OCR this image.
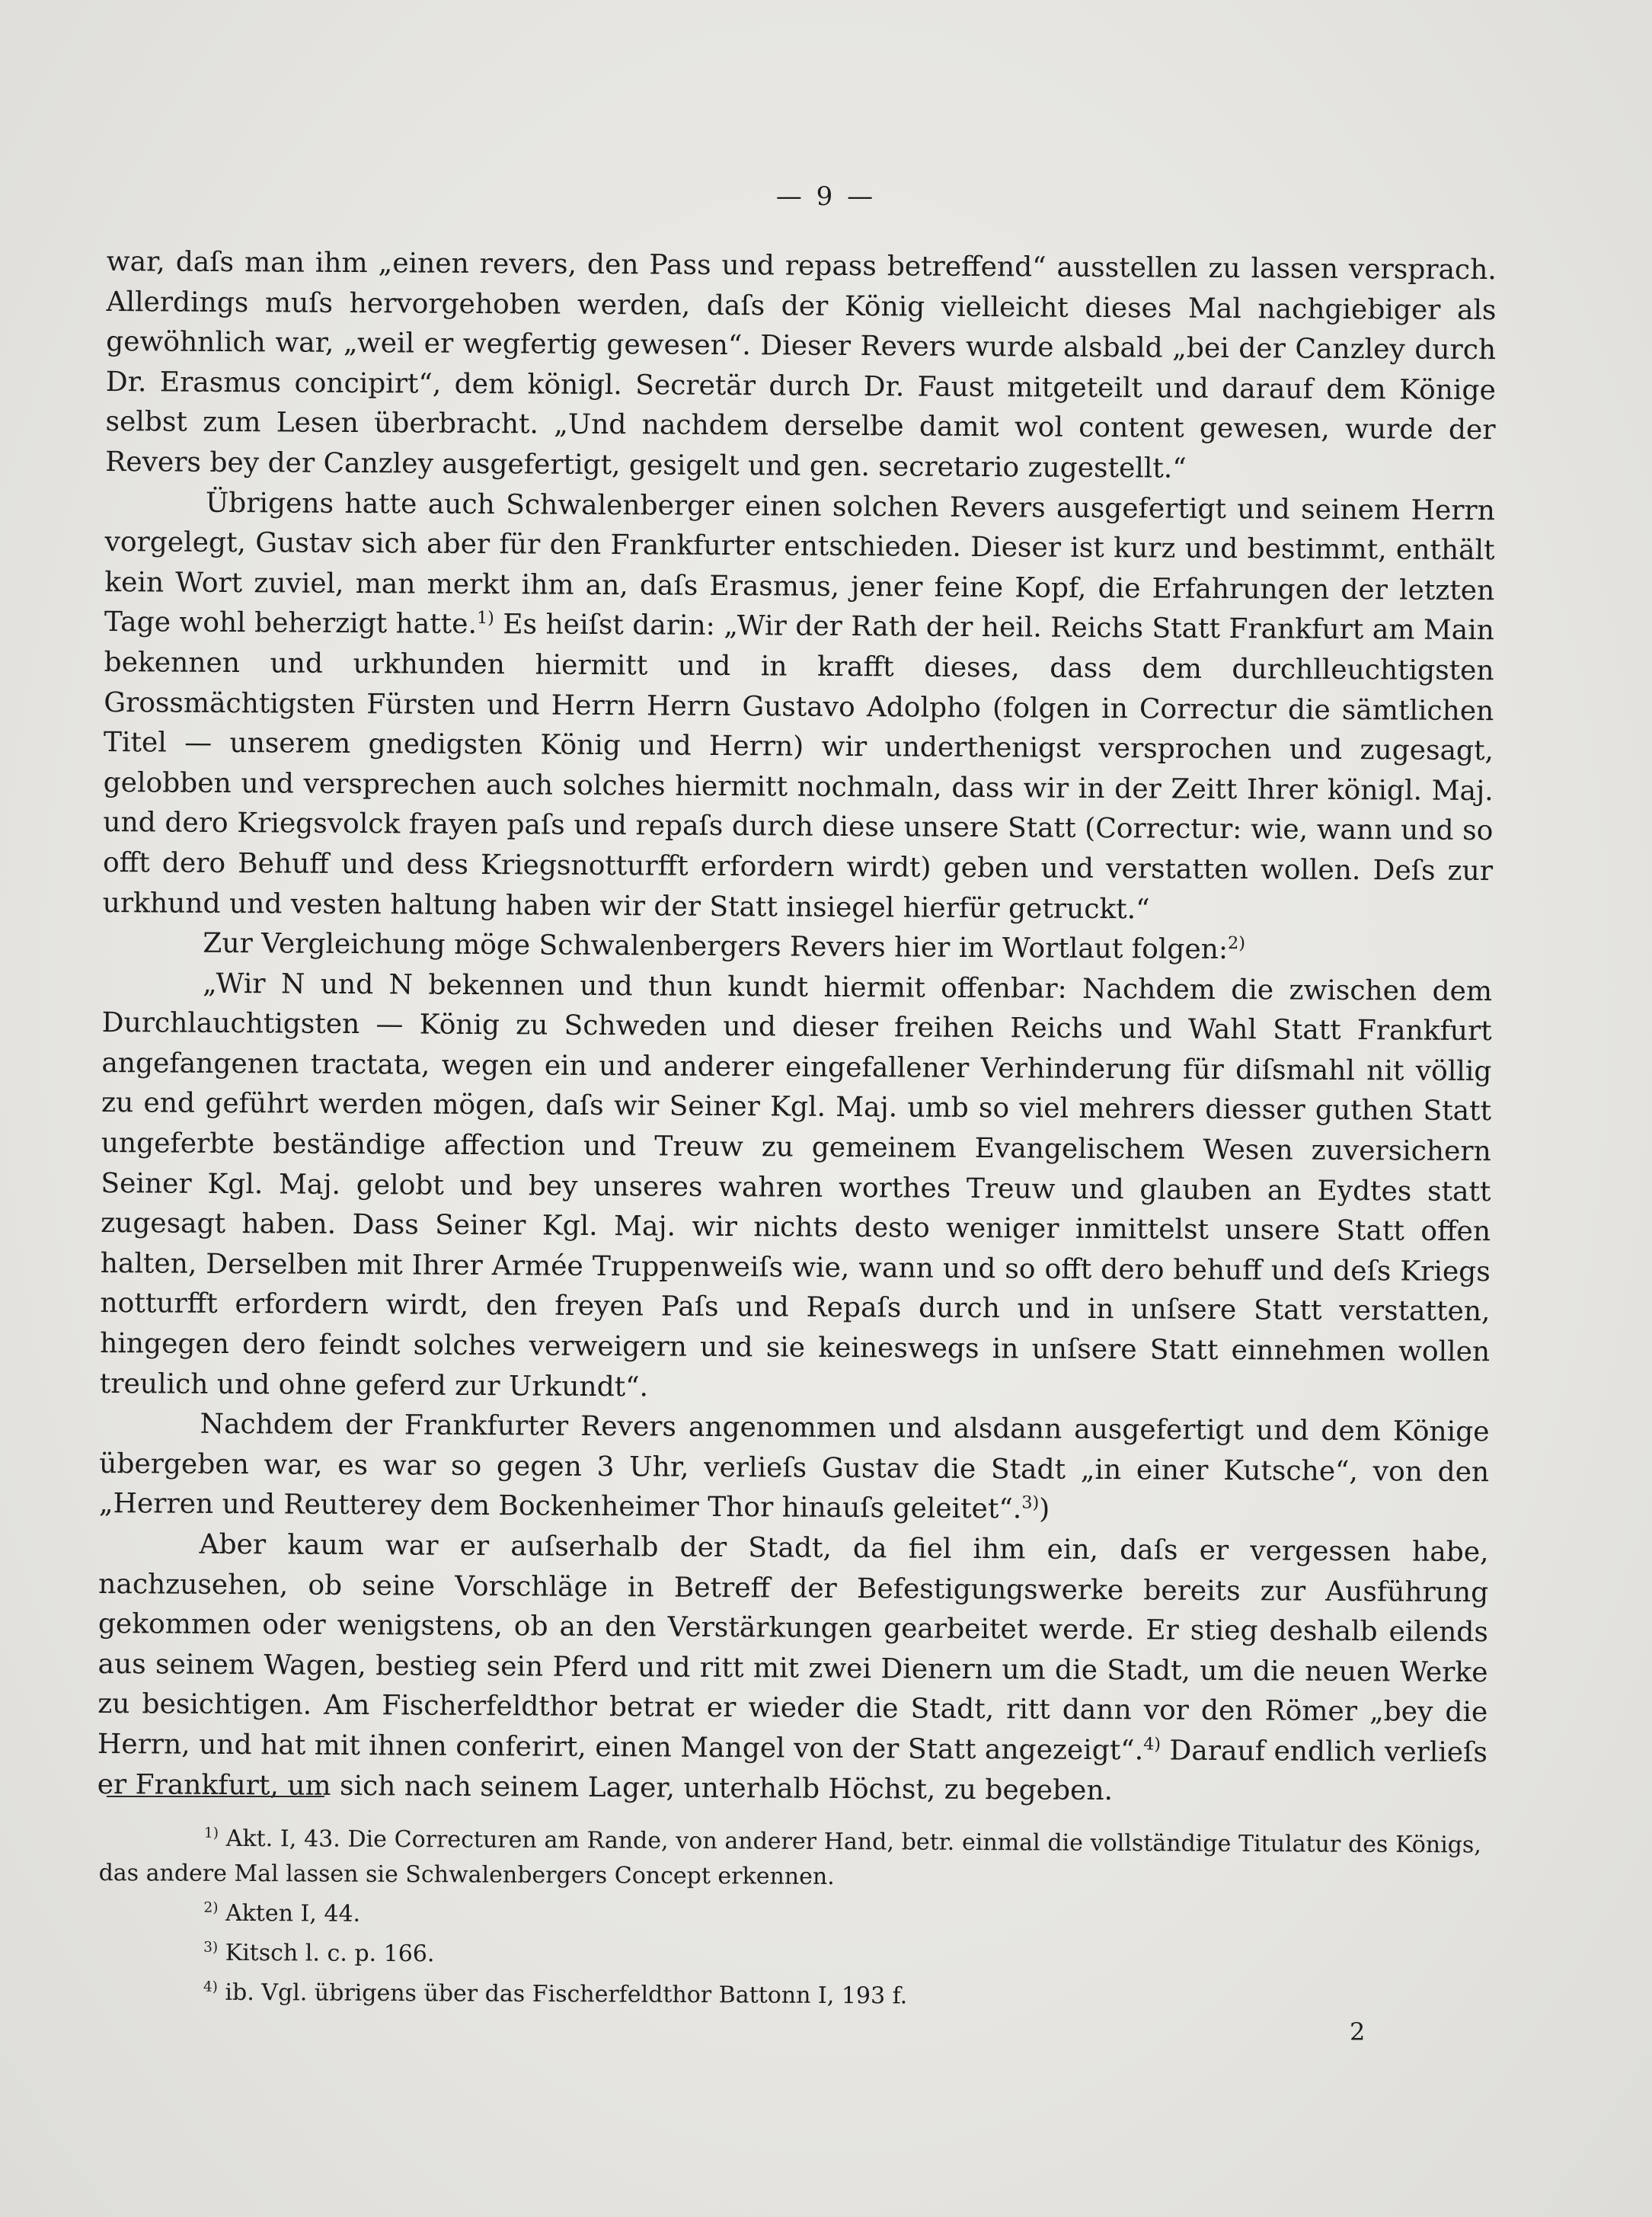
— 9 —

war, daſs man ihm „einen revers, den Pass und repass betreffend“ ausstellen zu lassen versprach. Allerdings muſs hervorgehoben werden, daſs der König vielleicht dieses Mal nachgiebiger als gewöhnlich war, „weil er wegfertig gewesen“. Dieser Revers wurde alsbald „bei der Canzley durch Dr. Erasmus concipirt“, dem königl. Secretär durch Dr. Faust mitgeteilt und darauf dem Könige selbst zum Lesen überbracht. „Und nachdem derselbe damit wol content gewesen, wurde der Revers bey der Canzley ausgefertigt, gesigelt und gen. secretario zugestellt.“

Übrigens hatte auch Schwalenberger einen solchen Revers ausgefertigt und seinem Herrn vorgelegt, Gustav sich aber für den Frankfurter entschieden. Dieser ist kurz und bestimmt, enthält kein Wort zuviel, man merkt ihm an, daſs Erasmus, jener feine Kopf, die Erfahrungen der letzten Tage wohl beherzigt hatte.$^{1)}$ Es heiſst darin: „Wir der Rath der heil. Reichs Statt Frankfurt am Main bekennen und urkhunden hiermitt und in krafft dieses, dass dem durchlleuchtigsten Grossmächtigsten Fürsten und Herrn Herrn Gustavo Adolpho (folgen in Correctur die sämtlichen Titel — unserem gnedigsten König und Herrn) wir underthenigst versprochen und zugesagt, gelobben und versprechen auch solches hiermitt nochmaln, dass wir in der Zeitt Ihrer königl. Maj. und dero Kriegsvolck frayen paſs und repaſs durch diese unsere Statt (Correctur: wie, wann und so offt dero Behuff und dess Kriegsnotturfft erfordern wirdt) geben und verstatten wollen. Deſs zur urkhund und vesten haltung haben wir der Statt insiegel hierfür getruckt.“

Zur Vergleichung möge Schwalenbergers Revers hier im Wortlaut folgen:$^{2)}$

„Wir N und N bekennen und thun kundt hiermit offenbar: Nachdem die zwischen dem Durchlauchtigsten — König zu Schweden und dieser freihen Reichs und Wahl Statt Frankfurt angefangenen tractata, wegen ein und anderer eingefallener Verhinderung für diſsmahl nit völlig zu end geführt werden mögen, daſs wir Seiner Kgl. Maj. umb so viel mehrers diesser guthen Statt ungeferbte beständige affection und Treuw zu gemeinem Evangelischem Wesen zuversichern Seiner Kgl. Maj. gelobt und bey unseres wahren worthes Treuw und glauben an Eydtes statt zugesagt haben. Dass Seiner Kgl. Maj. wir nichts desto weniger inmittelst unsere Statt offen halten, Derselben mit Ihrer Armée Truppenweiſs wie, wann und so offt dero behuff und deſs Kriegs notturfft erfordern wirdt, den freyen Paſs und Repaſs durch und in unſsere Statt verstatten, hingegen dero feindt solches verweigern und sie keineswegs in unſsere Statt einnehmen wollen treulich und ohne geferd zur Urkundt“.

Nachdem der Frankfurter Revers angenommen und alsdann ausgefertigt und dem Könige übergeben war, es war so gegen 3 Uhr, verlieſs Gustav die Stadt „in einer Kutsche“, von den „Herren und Reutterey dem Bockenheimer Thor hinauſs geleitet“.$^{3)}$)

Aber kaum war er auſserhalb der Stadt, da fiel ihm ein, daſs er vergessen habe, nachzusehen, ob seine Vorschläge in Betreff der Befestigungswerke bereits zur Ausführung gekommen oder wenigstens, ob an den Verstärkungen gearbeitet werde. Er stieg deshalb eilends aus seinem Wagen, bestieg sein Pferd und ritt mit zwei Dienern um die Stadt, um die neuen Werke zu besichtigen. Am Fischerfeldthor betrat er wieder die Stadt, ritt dann vor den Römer „bey die Herrn, und hat mit ihnen conferirt, einen Mangel von der Statt angezeigt“.$^{4)}$ Darauf endlich verlieſs er Frankfurt, um sich nach seinem Lager, unterhalb Höchst, zu begeben.

$^{1)}$ Akt. I, 43. Die Correcturen am Rande, von anderer Hand, betr. einmal die vollständige Titulatur des Königs, das andere Mal lassen sie Schwalenbergers Concept erkennen.

$^{2)}$ Akten I, 44.

$^{3)}$ Kitsch l. c. p. 166.

$^{4)}$ ib. Vgl. übrigens über das Fischerfeldthor Battonn I, 193 f.

2
